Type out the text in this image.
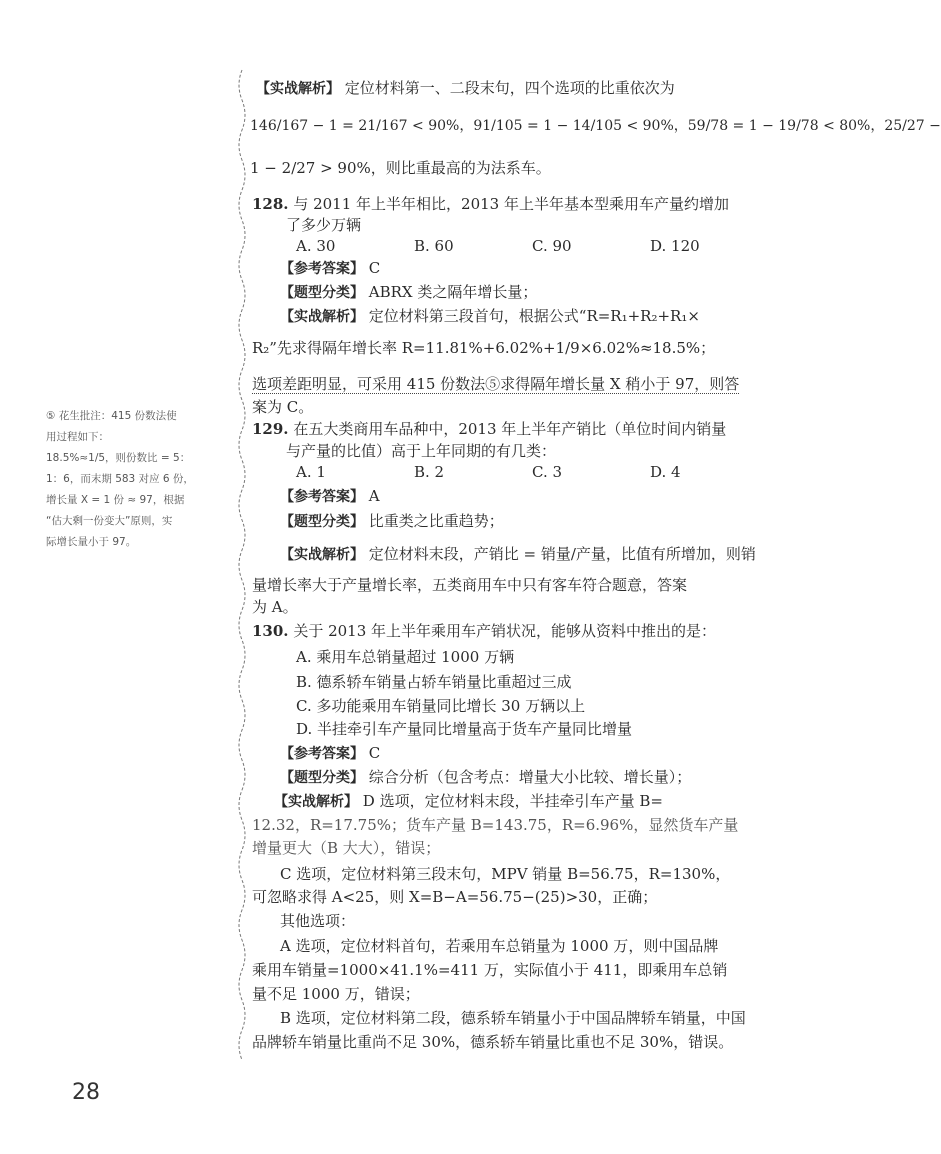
⑤ 花生批注：415 份数法使
用过程如下：
18.5%≈1/5，则份数比 = 5：
1：6，而末期 583 对应 6 份，
增长量 X = 1 份 ≈ 97，根据
“估大剩一份变大”原则，实
际增长量小于 97。
【实战解析】 定位材料第一、二段末句，四个选项的比重依次为
146/167 − 1 = 21/167 < 90%，91/105 = 1 − 14/105 < 90%，59/78 = 1 − 19/78 < 80%，25/27 −
1 − 2/27 > 90%，则比重最高的为法系车。
128. 与 2011 年上半年相比，2013 年上半年基本型乘用车产量约增加
了多少万辆
A. 30	B. 60	C. 90	D. 120
【参考答案】 C
【题型分类】 ABRX 类之隔年增长量；
【实战解析】 定位材料第三段首句，根据公式“R=R₁+R₂+R₁×
R₂”先求得隔年增长率 R=11.81%+6.02%+1/9×6.02%≈18.5%；
选项差距明显，可采用 415 份数法⑤求得隔年增长量 X 稍小于 97，则答
案为 C。
129. 在五大类商用车品种中，2013 年上半年产销比（单位时间内销量
与产量的比值）高于上年同期的有几类：
A. 1	B. 2	C. 3	D. 4
【参考答案】 A
【题型分类】 比重类之比重趋势；
【实战解析】 定位材料末段，产销比 = 销量/产量，比值有所增加，则销
量增长率大于产量增长率，五类商用车中只有客车符合题意，答案
为 A。
130. 关于 2013 年上半年乘用车产销状况，能够从资料中推出的是：
A. 乘用车总销量超过 1000 万辆
B. 德系轿车销量占轿车销量比重超过三成
C. 多功能乘用车销量同比增长 30 万辆以上
D. 半挂牵引车产量同比增量高于货车产量同比增量
【参考答案】 C
【题型分类】 综合分析（包含考点：增量大小比较、增长量）；
【实战解析】 D 选项，定位材料末段，半挂牵引车产量 B=
12.32，R=17.75%；货车产量 B=143.75，R=6.96%，显然货车产量
增量更大（B 大大），错误；
C 选项，定位材料第三段末句，MPV 销量 B=56.75，R=130%，
可忽略求得 A<25，则 X=B−A=56.75−(25)>30，正确；
其他选项：
A 选项，定位材料首句，若乘用车总销量为 1000 万，则中国品牌
乘用车销量=1000×41.1%=411 万，实际值小于 411，即乘用车总销
量不足 1000 万，错误；
B 选项，定位材料第二段，德系轿车销量小于中国品牌轿车销量，中国
品牌轿车销量比重尚不足 30%，德系轿车销量比重也不足 30%，错误。
28
